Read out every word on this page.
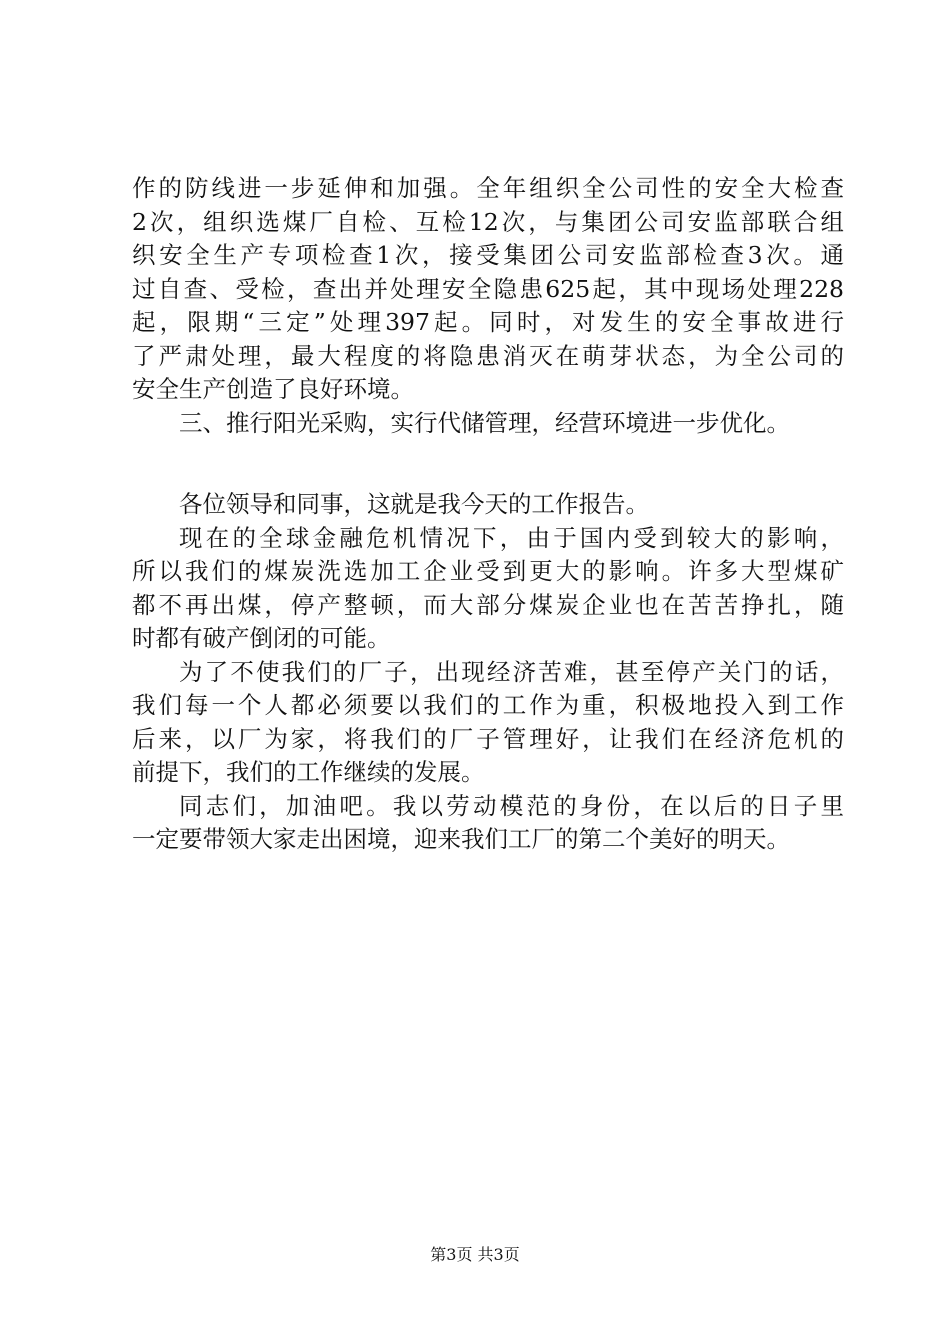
作的防线进一步延伸和加强。全年组织全公司性的安全大检查
2次，组织选煤厂自检、互检12次，与集团公司安监部联合组
织安全生产专项检查1次，接受集团公司安监部检查3次。通
过自查、受检，查出并处理安全隐患625起，其中现场处理228
起，限期“三定”处理397起。同时，对发生的安全事故进行
了严肃处理，最大程度的将隐患消灭在萌芽状态，为全公司的
安全生产创造了良好环境。
三、推行阳光采购，实行代储管理，经营环境进一步优化。
各位领导和同事，这就是我今天的工作报告。
现在的全球金融危机情况下，由于国内受到较大的影响，
所以我们的煤炭洗选加工企业受到更大的影响。许多大型煤矿
都不再出煤，停产整顿，而大部分煤炭企业也在苦苦挣扎，随
时都有破产倒闭的可能。
为了不使我们的厂子，出现经济苦难，甚至停产关门的话，
我们每一个人都必须要以我们的工作为重，积极地投入到工作
后来，以厂为家，将我们的厂子管理好，让我们在经济危机的
前提下，我们的工作继续的发展。
同志们，加油吧。我以劳动模范的身份，在以后的日子里
一定要带领大家走出困境，迎来我们工厂的第二个美好的明天。
第3页 共3页
